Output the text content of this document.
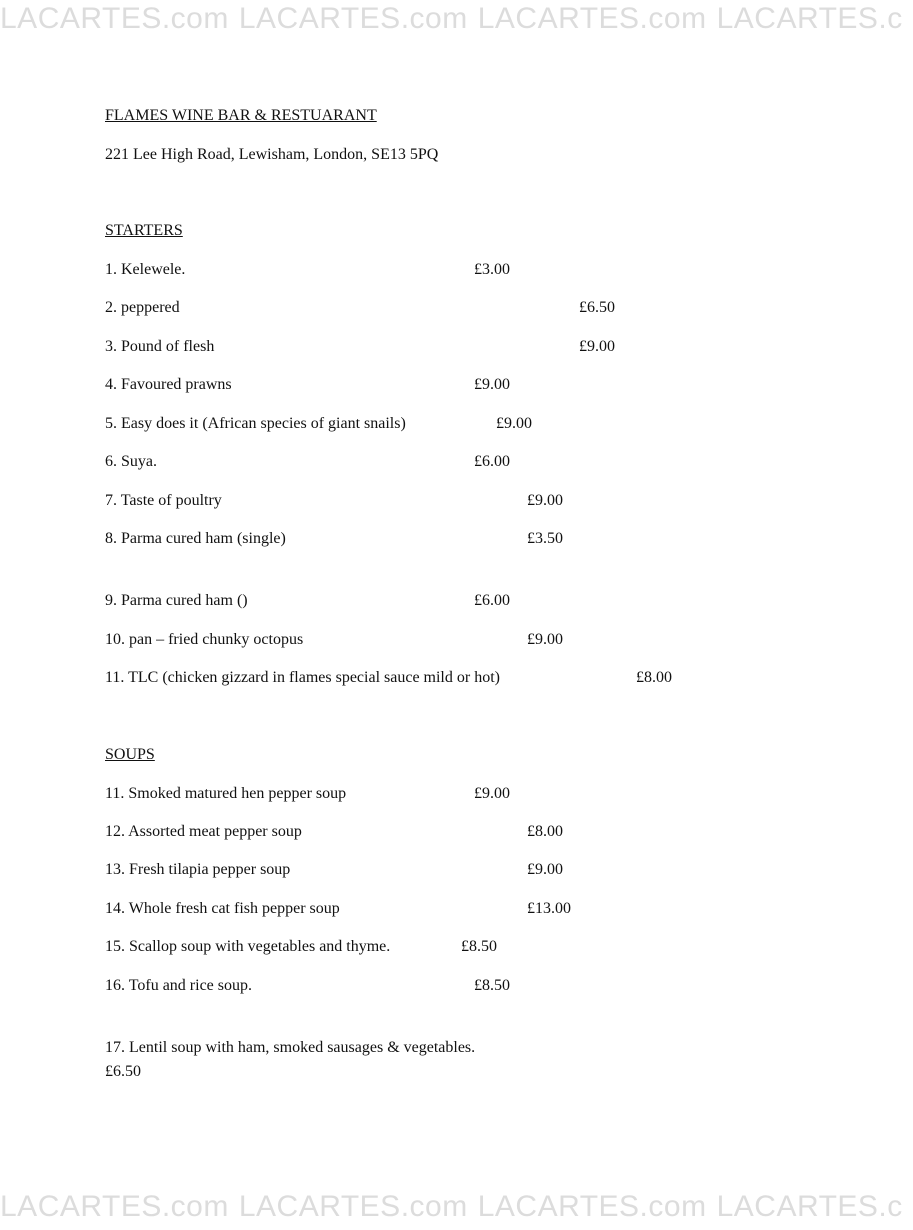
LACARTES.com LACARTES.com LACARTES.com LACARTES.c
LACARTES.com LACARTES.com LACARTES.com LACARTES.c
FLAMES WINE BAR & RESTUARANT
221 Lee High Road, Lewisham, London, SE13 5PQ
STARTERS
1. Kelewele.	£3.00
2. peppered	£6.50
3. Pound of flesh	£9.00
4. Favoured prawns	£9.00
5. Easy does it (African species of giant snails)	£9.00
6. Suya.	£6.00
7. Taste of poultry	£9.00
8. Parma cured ham (single)	£3.50
9. Parma cured ham ()	£6.00
10. pan – fried chunky octopus	£9.00
11. TLC (chicken gizzard in flames special sauce mild or hot)	£8.00
SOUPS
11. Smoked matured hen pepper soup	£9.00
12. Assorted meat pepper soup	£8.00
13. Fresh tilapia pepper soup	£9.00
14. Whole fresh cat fish pepper soup	£13.00
15. Scallop soup with vegetables and thyme.	£8.50
16. Tofu and rice soup.	£8.50
17. Lentil soup with ham, smoked sausages & vegetables.
£6.50
